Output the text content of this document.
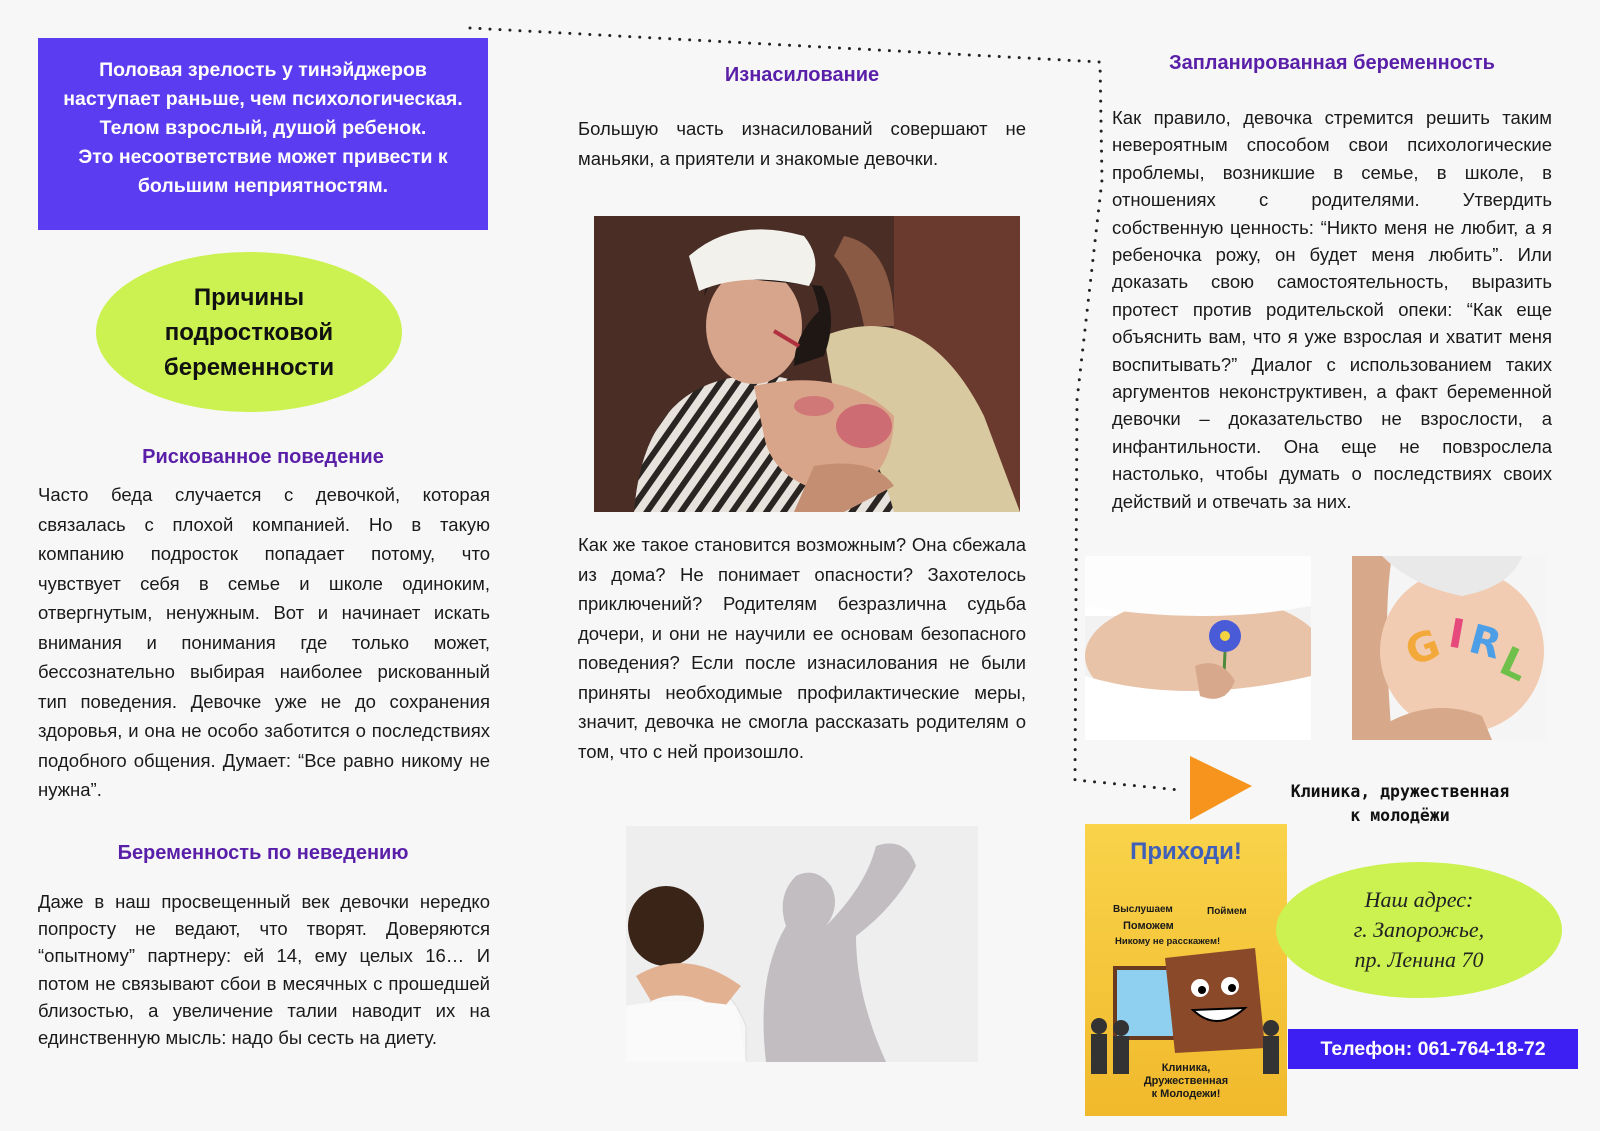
Половая зрелость у тинэйджеров
наступает раньше, чем психологическая.
Телом взрослый, душой ребенок.
Это несоответствие может привести к
большим неприятностям.
Причины
подростковой
беременности
Рискованное поведение
Часто беда случается с девочкой, которая связалась с плохой компанией. Но в такую компанию подросток попадает потому, что чувствует себя в семье и школе одиноким, отвергнутым, ненужным. Вот и начинает искать внимания и понимания где только может, бессознательно выбирая наиболее рискованный тип поведения. Девочке уже не до сохранения здоровья, и она не особо заботится о последствиях подобного общения. Думает: “Все равно никому не нужна”.
Беременность по неведению
Даже в наш просвещенный век девочки нередко попросту не ведают, что творят. Доверяются “опытному” партнеру: ей 14, ему целых 16… И потом не связывают сбои в месячных с прошедшей близостью, а увеличение талии наводит их на единственную мысль: надо бы сесть на диету.
Изнасилование
Большую часть изнасилований совершают не маньяки, а приятели и знакомые девочки.
Как же такое становится возможным? Она сбежала из дома? Не понимает опасности? Захотелось приключений? Родителям безразлична судьба дочери, и они не научили ее основам безопасного поведения? Если после изнасилования не были приняты необходимые профилактические меры, значит, девочка не смогла рассказать родителям о том, что с ней произошло.
Запланированная беременность
Как правило, девочка стремится решить таким невероятным способом свои психологические проблемы, возникшие в семье, в школе, в отношениях с родителями. Утвердить собственную ценность: “Никто меня не любит, а я ребеночка рожу, он будет меня любить”. Или доказать свою самостоятельность, выразить протест против родительской опеки: “Как еще объяснить вам, что я уже взрослая и хватит меня воспитывать?” Диалог с использованием таких аргументов неконструктивен, а факт беременной девочки – доказательство не взрослости, а инфантильности. Она еще не повзрослела настолько, чтобы думать о последствиях своих действий и отвечать за них.
G
I
R
L
Клиника, дружественная
к молодёжи
Приходи!
Выслушаем	Поймем
Поможем
Никому не расскажем!
Клиника,
Дружественная
к Молодежи!
Наш адрес:
г. Запорожье,
пр. Ленина 70
Телефон: 061-764-18-72
